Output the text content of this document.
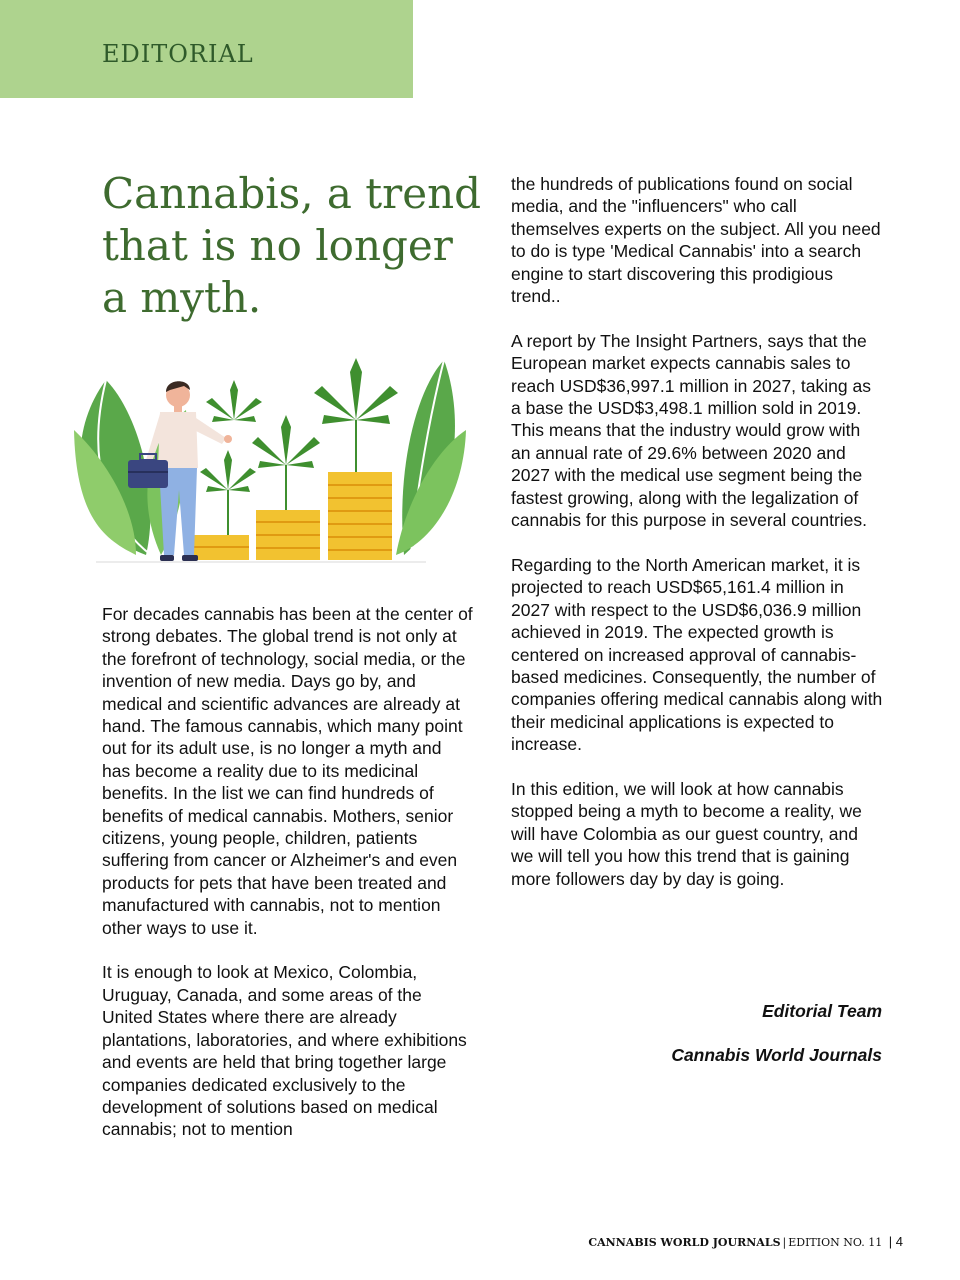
EDITORIAL
Cannabis, a trend that is no longer a myth.

For decades cannabis has been at the center of strong debates. The global trend is not only at the forefront of technology, social media, or the invention of new media. Days go by, and medical and scientific advances are already at hand. The famous cannabis, which many point out for its adult use, is no longer a myth and has become a reality due to its medicinal benefits. In the list we can find hundreds of benefits of medical cannabis. Mothers, senior citizens, young people, children, patients suffering from cancer or Alzheimer's and even products for pets that have been treated and manufactured with cannabis, not to mention other ways to use it.

It is enough to look at Mexico, Colombia, Uruguay, Canada, and some areas of the United States where there are already plantations, laboratories, and where exhibitions and events are held that bring together large companies dedicated exclusively to the development of solutions based on medical cannabis; not to mention

the hundreds of publications found on social media, and the "influencers" who call themselves experts on the subject. All you need to do is type 'Medical Cannabis' into a search engine to start discovering this prodigious trend..

A report by The Insight Partners, says that the European market expects cannabis sales to reach USD$36,997.1 million in 2027, taking as a base the USD$3,498.1 million sold in 2019. This means that the industry would grow with an annual rate of 29.6% between 2020 and 2027 with the medical use segment being the fastest growing, along with the legalization of cannabis for this purpose in several countries.

Regarding to the North American market, it is projected to reach USD$65,161.4 million in 2027 with respect to the USD$6,036.9 million achieved in 2019. The expected growth is centered on increased approval of cannabis-based medicines. Consequently, the number of companies offering medical cannabis along with their medicinal applications is expected to increase.

In this edition, we will look at how cannabis stopped being a myth to become a reality, we will have Colombia as our guest country, and we will tell you how this trend that is gaining more followers day by day is going.

Editorial Team
Cannabis World Journals
CANNABIS WORLD JOURNALS | EDITION NO. 11 | 4
